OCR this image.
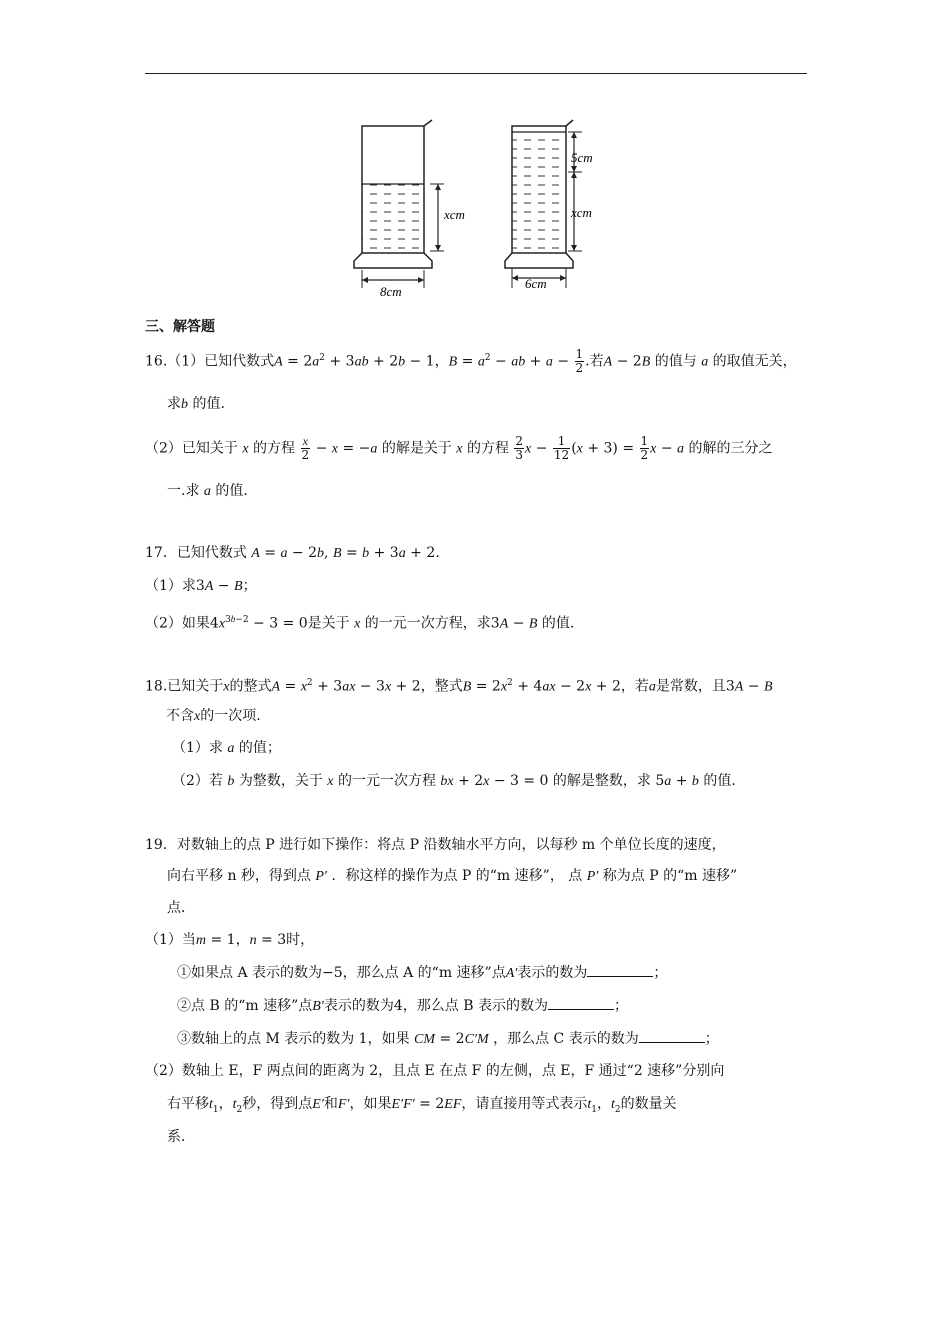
xcm
8cm
5cm
xcm
6cm
三、解答题
16.（1）已知代数式$A = 2a^2 + 3ab + 2b - 1$，$B = a^2$ − ab + $a - \frac{1}{2}$ .若A − 2B 的值与 a 的取值无关，
求b 的值.
（2）已知关于 x 的方程 $\frac{x}{2} - x = -a$ 的解是关于 x 的方程 $\frac{2}{3}$ $x - \frac{1}{12} (x + 3) = \frac{1}{2}$ x − a 的解的三分之
一.求 a 的值.
17．已知代数式 A = a − 2b, B = b + 3a + 2.
（1）求3A − B；
（2）如果$4x^{3b-2} - 3 = 0$是关于 x 的一元一次方程，求3A − B 的值.
18.已知关于x的整式$A = x^2 + 3ax - 3x + 2$，整式$B = 2x^2 + 4ax - 2x + 2$，若a是常数，且3A − B
不含x的一次项.
（1）求 a 的值；
（2）若 b 为整数，关于 x 的一元一次方程 bx + 2x − 3 = 0 的解是整数，求 5a + b 的值.
19．对数轴上的点 P 进行如下操作：将点 P 沿数轴水平方向，以每秒 m 个单位长度的速度，
向右平移 n 秒，得到点 P′ ．称这样的操作为点 P 的“m 速移”， 点 P′ 称为点 P 的“m 速移”
点．
（1）当m = 1，n = 3时，
①如果点 A 表示的数为−5，那么点 A 的“m 速移”点A′表示的数为	；
②点 B 的“m 速移”点B′表示的数为4，那么点 B 表示的数为	；
③数轴上的点 M 表示的数为 1，如果 CM = 2C′M ，那么点 C 表示的数为	；
（2）数轴上 E，F 两点间的距离为 2，且点 E 在点 F 的左侧，点 E，F 通过“2 速移”分别向
右平移$t_1$，$t_2$秒，得到点E′和F′，如果E′F′ = 2EF，请直接用等式表示$t_1$，$t_2$的数量关
系．
